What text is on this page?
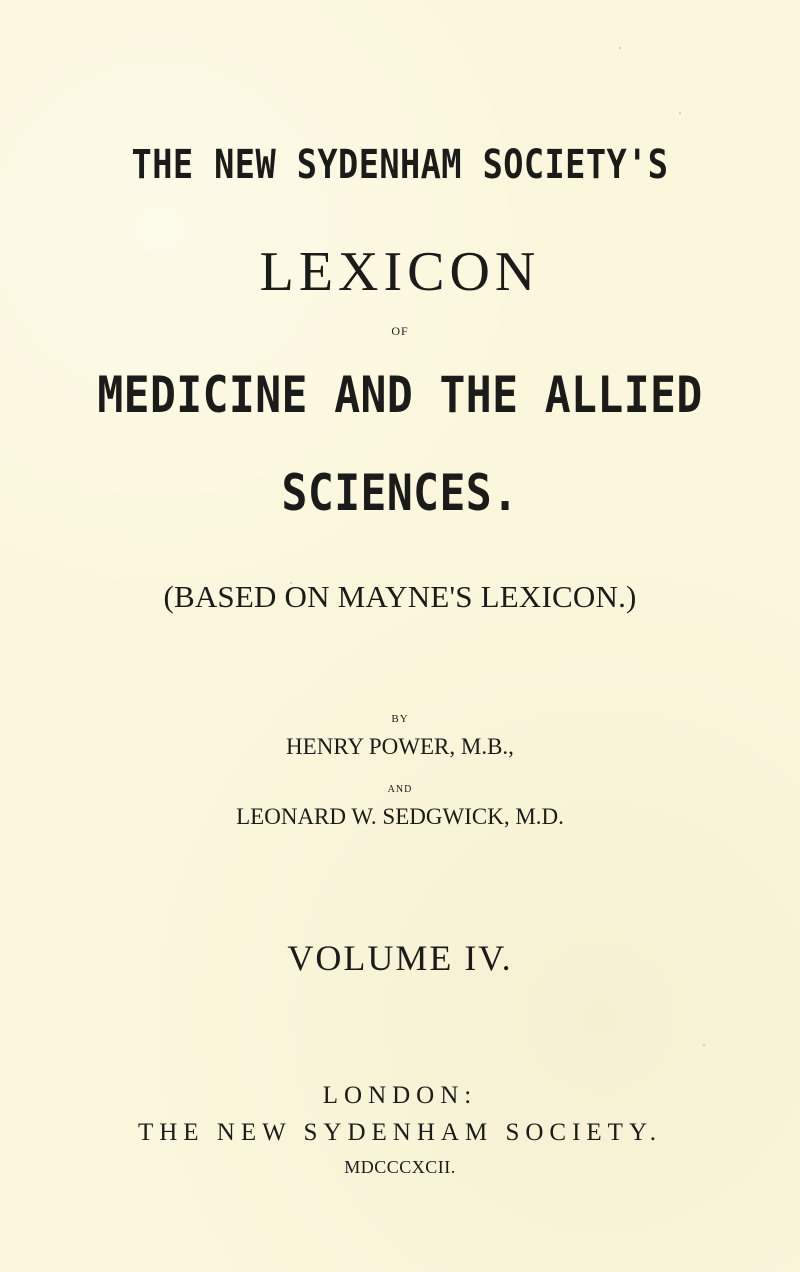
THE NEW SYDENHAM SOCIETY'S
LEXICON
OF
MEDICINE AND THE ALLIED
SCIENCES.
(BASED ON MAYNE'S LEXICON.)
BY
HENRY POWER, M.B.,
AND
LEONARD W. SEDGWICK, M.D.
VOLUME IV.
LONDON:
THE NEW SYDENHAM SOCIETY.
MDCCCXCII.
